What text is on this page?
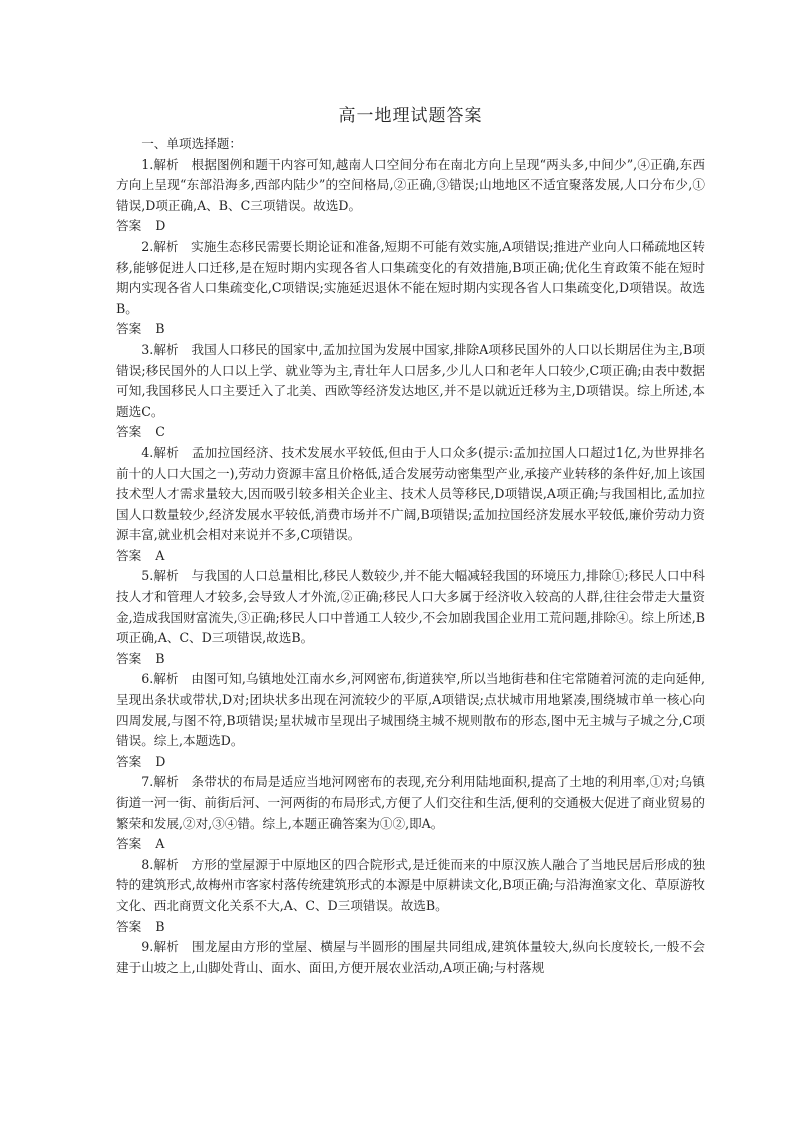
高一地理试题答案
一、单项选择题：

1.解析　根据图例和题干内容可知,越南人口空间分布在南北方向上呈现“两头多,中间少”,④正确,东西方向上呈现“东部沿海多,西部内陆少”的空间格局,②正确,③错误;山地地区不适宜聚落发展,人口分布少,①错误,D项正确,A、B、C三项错误。故选D。

答案 D

2.解析　实施生态移民需要长期论证和准备,短期不可能有效实施,A项错误;推进产业向人口稀疏地区转移,能够促进人口迁移,是在短时期内实现各省人口集疏变化的有效措施,B项正确;优化生育政策不能在短时期内实现各省人口集疏变化,C项错误;实施延迟退休不能在短时期内实现各省人口集疏变化,D项错误。故选B。

答案 B

3.解析　我国人口移民的国家中,孟加拉国为发展中国家,排除A项移民国外的人口以长期居住为主,B项错误;移民国外的人口以上学、就业等为主,青壮年人口居多,少儿人口和老年人口较少,C项正确;由表中数据可知,我国移民人口主要迁入了北美、西欧等经济发达地区,并不是以就近迁移为主,D项错误。综上所述,本题选C。

答案 C

4.解析　孟加拉国经济、技术发展水平较低,但由于人口众多(提示:孟加拉国人口超过1亿,为世界排名前十的人口大国之一),劳动力资源丰富且价格低,适合发展劳动密集型产业,承接产业转移的条件好,加上该国技术型人才需求量较大,因而吸引较多相关企业主、技术人员等移民,D项错误,A项正确;与我国相比,孟加拉国人口数量较少,经济发展水平较低,消费市场并不广阔,B项错误;孟加拉国经济发展水平较低,廉价劳动力资源丰富,就业机会相对来说并不多,C项错误。

答案 A

5.解析　与我国的人口总量相比,移民人数较少,并不能大幅减轻我国的环境压力,排除①;移民人口中科技人才和管理人才较多,会导致人才外流,②正确;移民人口大多属于经济收入较高的人群,往往会带走大量资金,造成我国财富流失,③正确;移民人口中普通工人较少,不会加剧我国企业用工荒问题,排除④。综上所述,B项正确,A、C、D三项错误,故选B。

答案 B

6.解析　由图可知,乌镇地处江南水乡,河网密布,街道狭窄,所以当地街巷和住宅常随着河流的走向延伸,呈现出条状或带状,D对;团块状多出现在河流较少的平原,A项错误;点状城市用地紧凑,围绕城市单一核心向四周发展,与图不符,B项错误;星状城市呈现出子城围绕主城不规则散布的形态,图中无主城与子城之分,C项错误。综上,本题选D。

答案 D

7.解析　条带状的布局是适应当地河网密布的表现,充分利用陆地面积,提高了土地的利用率,①对;乌镇街道一河一街、前街后河、一河两街的布局形式,方便了人们交往和生活,便利的交通极大促进了商业贸易的繁荣和发展,②对,③④错。综上,本题正确答案为①②,即A。

答案 A

8.解析　方形的堂屋源于中原地区的四合院形式,是迁徙而来的中原汉族人融合了当地民居后形成的独特的建筑形式,故梅州市客家村落传统建筑形式的本源是中原耕读文化,B项正确;与沿海渔家文化、草原游牧文化、西北商贾文化关系不大,A、C、D三项错误。故选B。

答案 B

9.解析　围龙屋由方形的堂屋、横屋与半圆形的围屋共同组成,建筑体量较大,纵向长度较长,一般不会建于山坡之上,山脚处背山、面水、面田,方便开展农业活动,A项正确;与村落规
